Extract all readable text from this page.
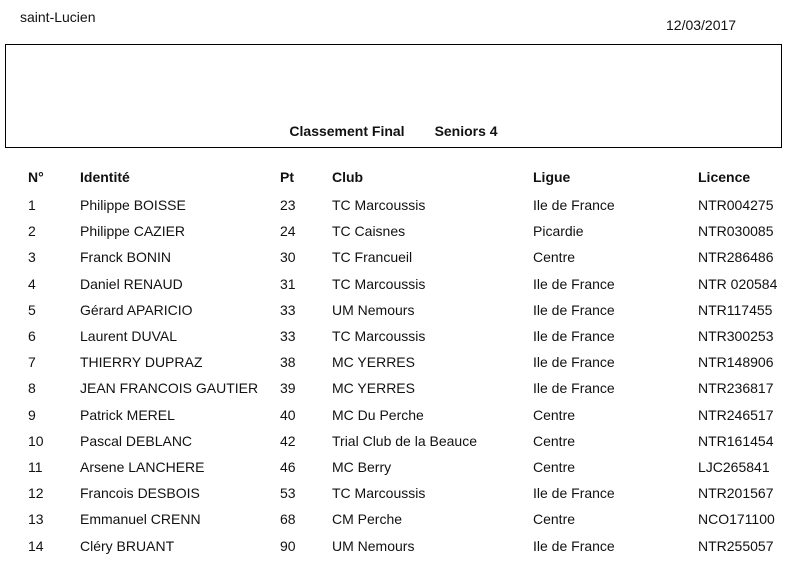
saint-Lucien	12/03/2017
Classement Final Seniors 4
N°	Identité	Pt	Club	Ligue	Licence
1	Philippe BOISSE	23	TC Marcoussis	Ile de France	NTR004275
2	Philippe CAZIER	24	TC Caisnes	Picardie	NTR030085
3	Franck BONIN	30	TC Francueil	Centre	NTR286486
4	Daniel RENAUD	31	TC Marcoussis	Ile de France	NTR 020584
5	Gérard APARICIO	33	UM Nemours	Ile de France	NTR117455
6	Laurent DUVAL	33	TC Marcoussis	Ile de France	NTR300253
7	THIERRY DUPRAZ	38	MC YERRES	Ile de France	NTR148906
8	JEAN FRANCOIS GAUTIER	39	MC YERRES	Ile de France	NTR236817
9	Patrick MEREL	40	MC Du Perche	Centre	NTR246517
10	Pascal DEBLANC	42	Trial Club de la Beauce	Centre	NTR161454
11	Arsene LANCHERE	46	MC Berry	Centre	LJC265841
12	Francois DESBOIS	53	TC Marcoussis	Ile de France	NTR201567
13	Emmanuel CRENN	68	CM Perche	Centre	NCO171100
14	Cléry BRUANT	90	UM Nemours	Ile de France	NTR255057
